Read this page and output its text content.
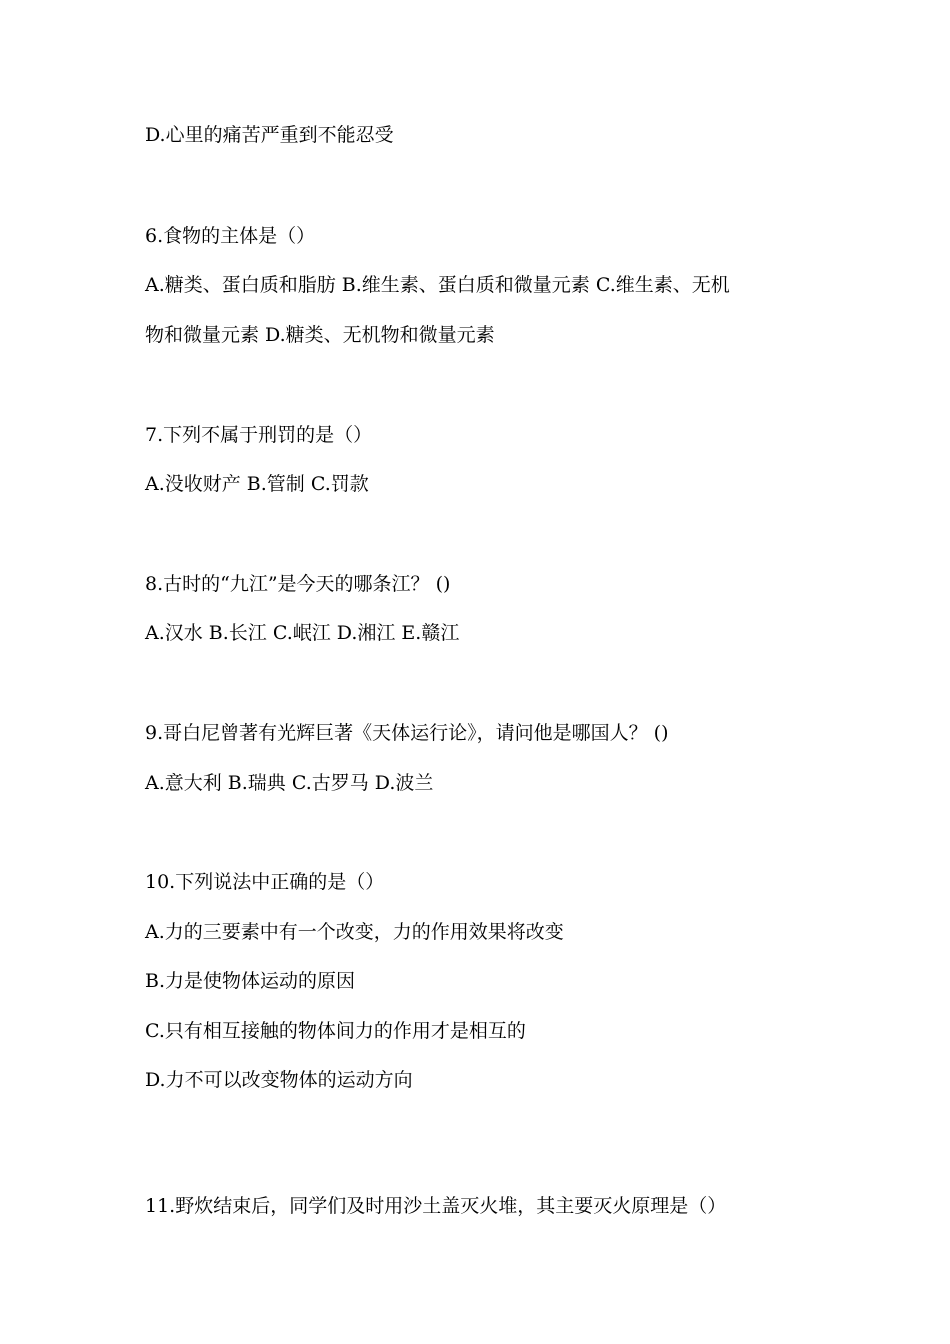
D.心里的痛苦严重到不能忍受

6.食物的主体是（）

A.糖类、蛋白质和脂肪 B.维生素、蛋白质和微量元素 C.维生素、无机

物和微量元素 D.糖类、无机物和微量元素

7.下列不属于刑罚的是（）

A.没收财产 B.管制 C.罚款

8.古时的“九江”是今天的哪条江？ ()

A.汉水 B.长江 C.岷江 D.湘江 E.赣江

9.哥白尼曾著有光辉巨著《天体运行论》，请问他是哪国人？ ()

A.意大利 B.瑞典 C.古罗马 D.波兰

10.下列说法中正确的是（）

A.力的三要素中有一个改变，力的作用效果将改变

B.力是使物体运动的原因

C.只有相互接触的物体间力的作用才是相互的

D.力不可以改变物体的运动方向

11.野炊结束后，同学们及时用沙土盖灭火堆，其主要灭火原理是（）
